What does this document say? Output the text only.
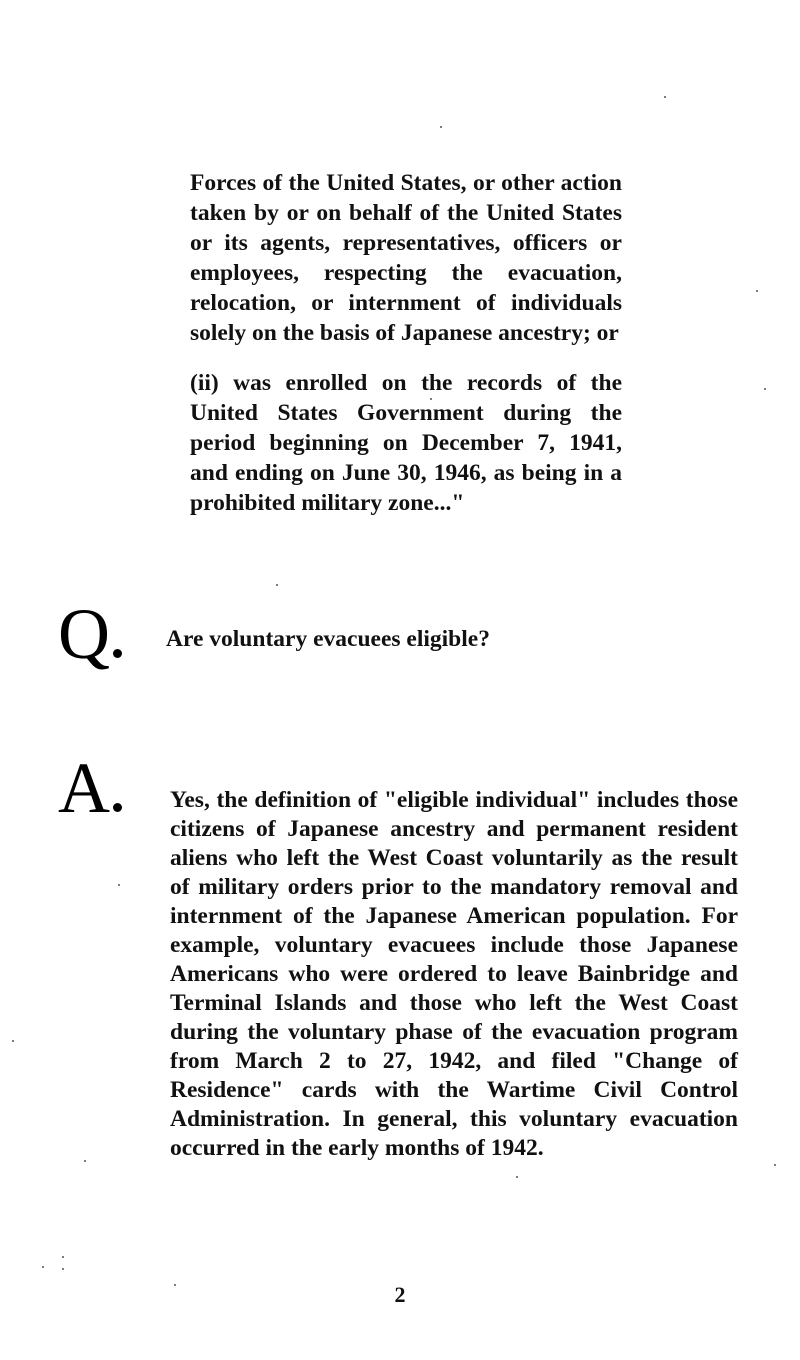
Forces of the United States, or other action taken by or on behalf of the United States or its agents, representatives, officers or employees, respecting the evacuation, relocation, or internment of individuals solely on the basis of Japanese ancestry; or

(ii) was enrolled on the records of the United States Government during the period beginning on December 7, 1941, and ending on June 30, 1946, as being in a prohibited military zone..."

Q	Are voluntary evacuees eligible?
A	Yes, the definition of "eligible individual" includes those citizens of Japanese ancestry and permanent resident aliens who left the West Coast voluntarily as the result of military orders prior to the mandatory removal and internment of the Japanese American population. For example, voluntary evacuees include those Japanese Americans who were ordered to leave Bainbridge and Terminal Islands and those who left the West Coast during the voluntary phase of the evacuation program from March 2 to 27, 1942, and filed "Change of Residence" cards with the Wartime Civil Control Administration. In general, this voluntary evacuation occurred in the early months of 1942.

2
